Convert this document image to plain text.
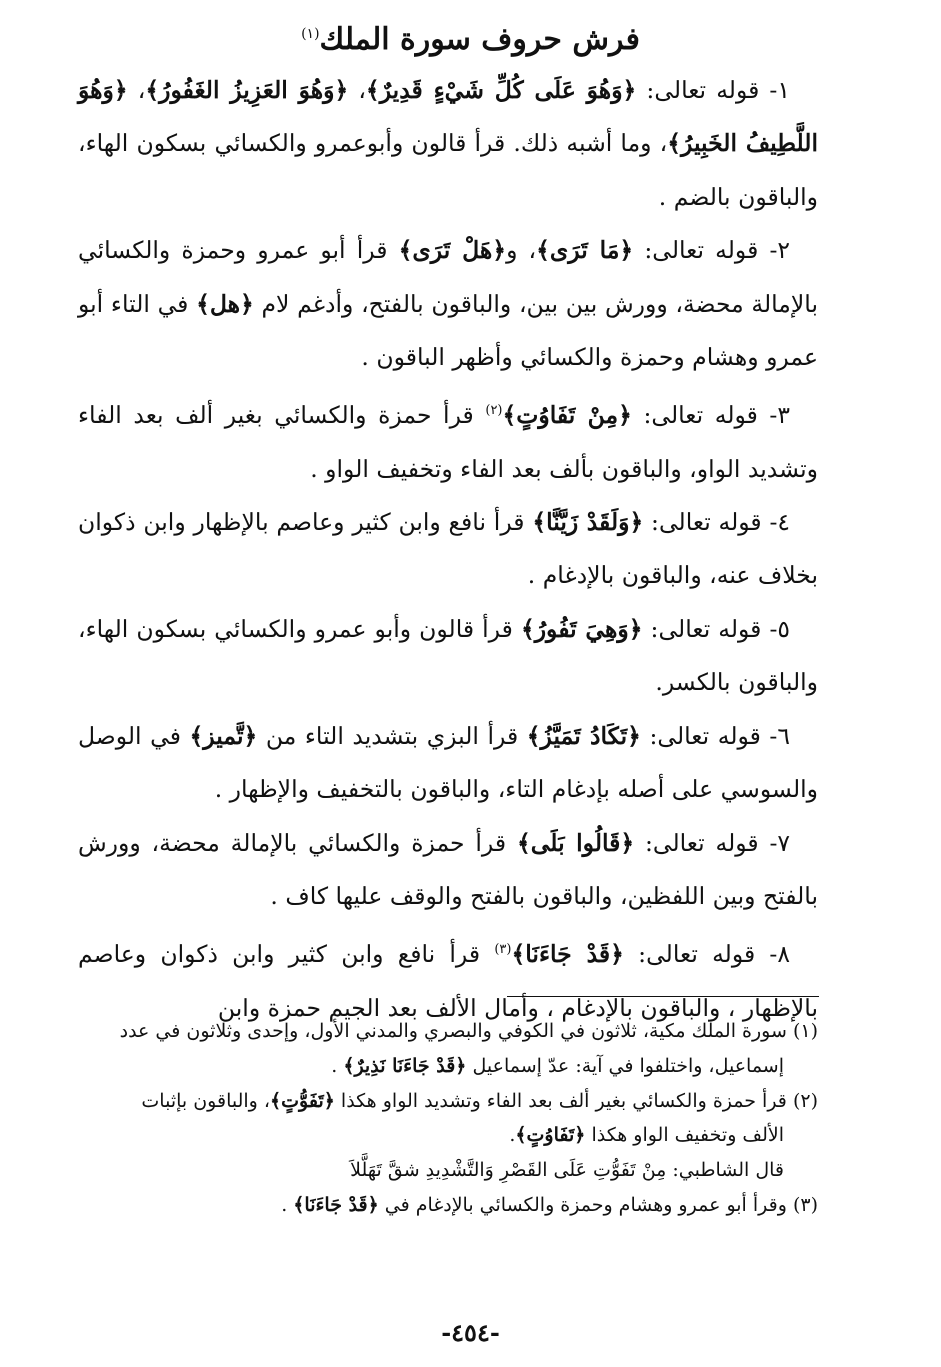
فرش حروف سورة الملك$^{(١)}$

١- قوله تعالى: ﴿وَهُوَ عَلَى كُلِّ شَيْءٍ قَدِيرٌ﴾، ﴿وَهُوَ العَزِيزُ الغَفُورُ﴾، ﴿وَهُوَ اللَّطِيفُ الخَبِيرُ﴾، وما أشبه ذلك. قرأ قالون وأبوعمرو والكسائي بسكون الهاء، والباقون بالضم .

٢- قوله تعالى: ﴿مَا تَرَى﴾، و﴿هَلْ تَرَى﴾ قرأ أبو عمرو وحمزة والكسائي بالإمالة محضة، وورش بين بين، والباقون بالفتح، وأدغم لام ﴿هل﴾ في التاء أبو عمرو وهشام وحمزة والكسائي وأظهر الباقون .

٣- قوله تعالى: ﴿مِنْ تَفَاوُتٍ﴾$^{(٢)}$ قرأ حمزة والكسائي بغير ألف بعد الفاء وتشديد الواو، والباقون بألف بعد الفاء وتخفيف الواو .

٤- قوله تعالى: ﴿وَلَقَدْ زَيَّنَّا﴾ قرأ نافع وابن كثير وعاصم بالإظهار وابن ذكوان بخلاف عنه، والباقون بالإدغام .

٥- قوله تعالى: ﴿وَهِيَ تَفُورُ﴾ قرأ قالون وأبو عمرو والكسائي بسكون الهاء، والباقون بالكسر.

٦- قوله تعالى: ﴿تَكَادُ تَمَيَّزُ﴾ قرأ البزي بتشديد التاء من ﴿تَّميز﴾ في الوصل والسوسي على أصله بإدغام التاء، والباقون بالتخفيف والإظهار .

٧- قوله تعالى: ﴿قَالُوا بَلَى﴾ قرأ حمزة والكسائي بالإمالة محضة، وورش بالفتح وبين اللفظين، والباقون بالفتح والوقف عليها كاف .

٨- قوله تعالى: ﴿قَدْ جَاءَنَا﴾$^{(٣)}$ قرأ نافع وابن كثير وابن ذكوان وعاصم بالإظهار ، والباقون بالإدغام ، وأمال الألف بعد الجيم حمزة وابن

(١) سورة الملك مكية، ثلاثون في الكوفي والبصري والمدني الأول، وإحدى وثلاثون في عدد
إسماعيل، واختلفوا في آية: عدّ إسماعيل ﴿قَدْ جَاءَنَا نَذِيرٌ﴾ .

(٢) قرأ حمزة والكسائي بغير ألف بعد الفاء وتشديد الواو هكذا ﴿تَفَوُّتٍ﴾، والباقون بإثبات
الألف وتخفيف الواو هكذا ﴿تَفَاوُتٍ﴾.

قال الشاطبي: مِنْ تَفَوُّتِ عَلَى القَصْرِ وَالتَّشْدِيدِ شقَّ تَهَلَّلاَ

(٣) وقرأ أبو عمرو وهشام وحمزة والكسائي بالإدغام في ﴿قَدْ جَاءَنَا﴾ .

-٤٥٤-
